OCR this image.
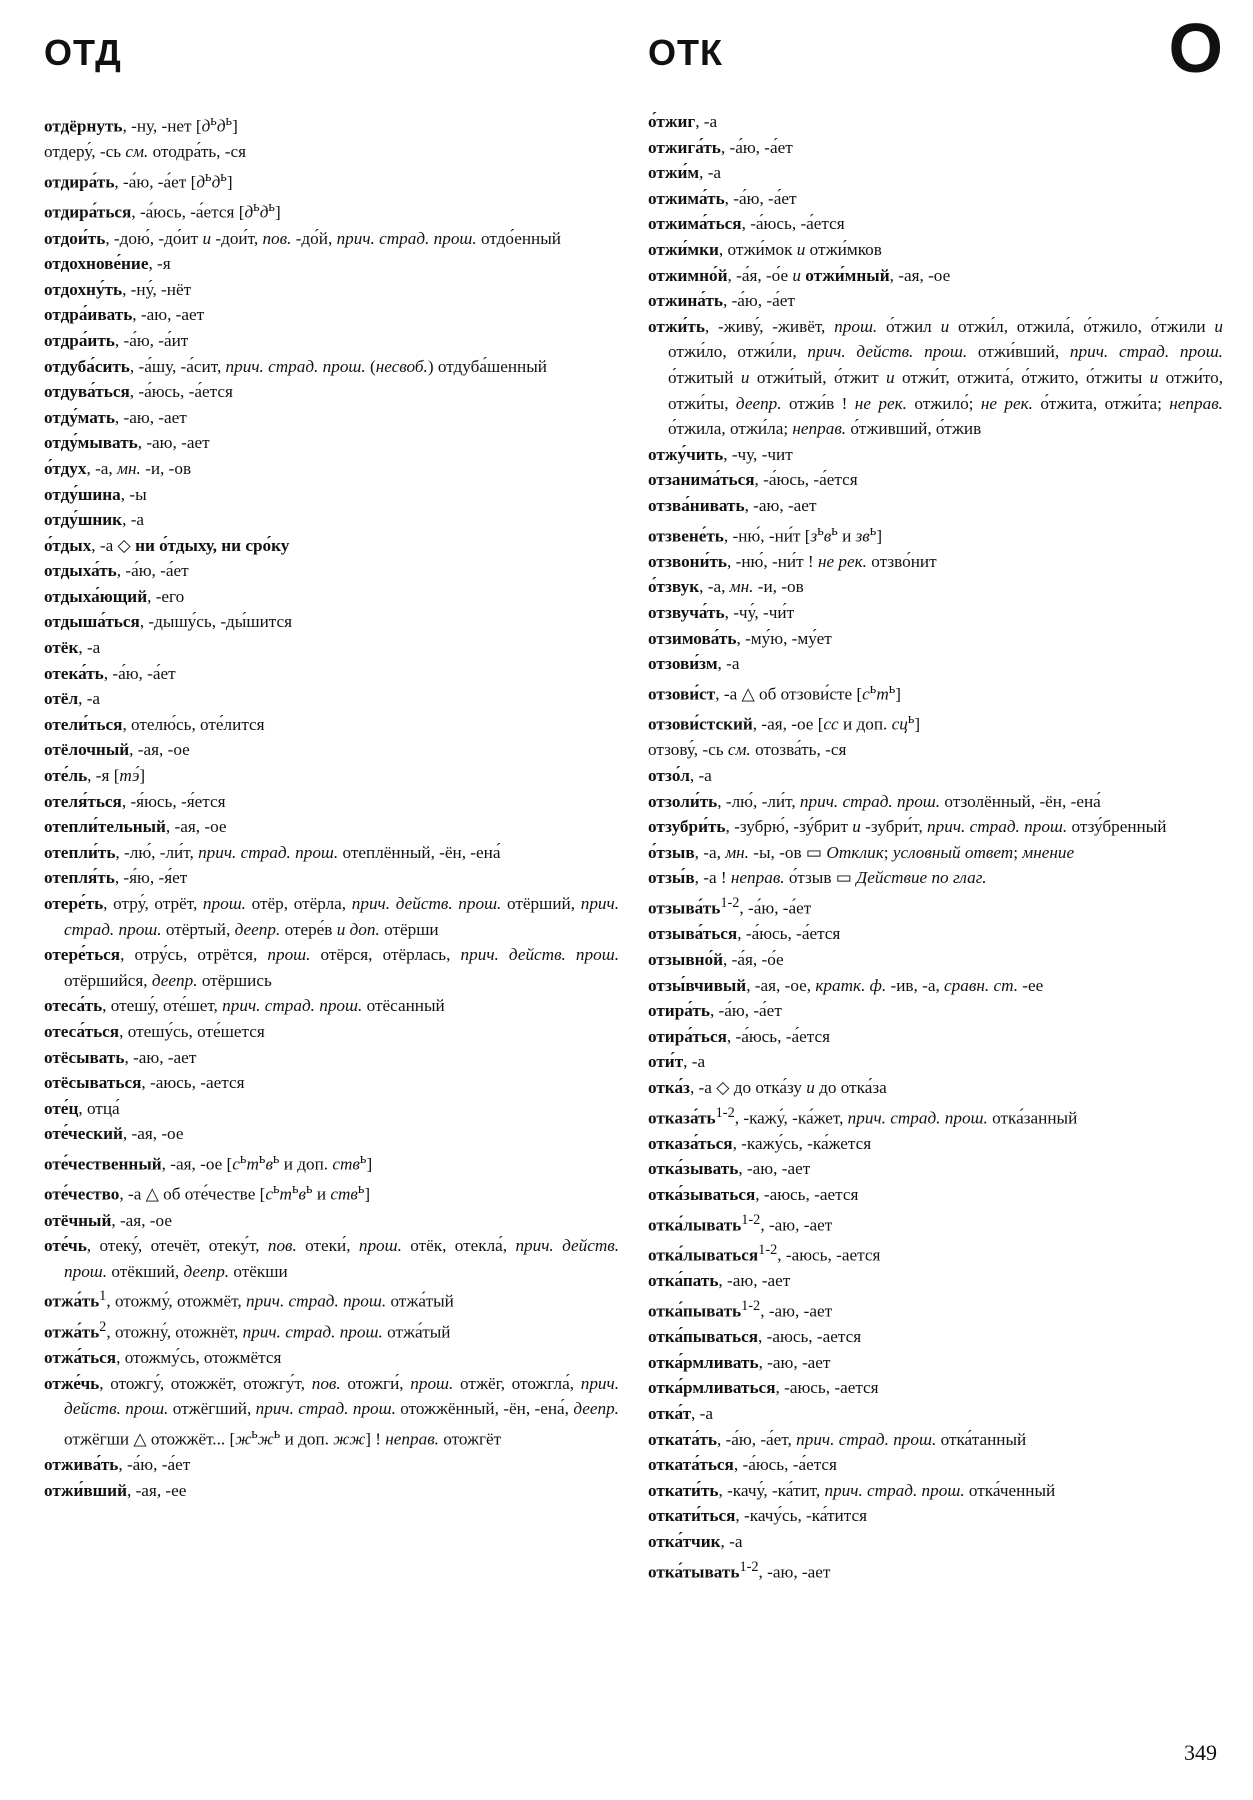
ОТД	ОТК	О
отдёрнуть, -ну, -нет $[д^ьд^ь]$
отдеру́, -сь см. отодра́ть, -ся
отдира́ть, -а́ю, -а́ет $[д^ьд^ь]$
отдира́ться, -а́юсь, -а́ется $[д^ьд^ь]$
отдои́ть, -дою́, -до́ит и -дои́т, пов. -до́й, прич. страд. прош. отдо́енный
отдохнове́ние, -я
отдохну́ть, -ну́, -нёт
отдра́ивать, -аю, -ает
отдра́ить, -а́ю, -а́ит
отдуба́сить, -а́шу, -а́сит, прич. страд. прош. (несвоб.) отдуба́шенный
отдува́ться, -а́юсь, -а́ется
отду́мать, -аю, -ает
отду́мывать, -аю, -ает
о́тдух, -а, мн. -и, -ов
отду́шина, -ы
отду́шник, -а
о́тдых, -а ◇ ни о́тдыху, ни сро́ку
отдыха́ть, -а́ю, -а́ет
отдыха́ющий, -его
отдыша́ться, -дышу́сь, -ды́шится
отёк, -а
отека́ть, -а́ю, -а́ет
отёл, -а
отели́ться, отелю́сь, оте́лится
отёлочный, -ая, -ое
оте́ль, -я [тэ́]
отеля́ться, -я́юсь, -я́ется
отепли́тельный, -ая, -ое
отепли́ть, -лю́, -ли́т, прич. страд. прош. отеплённый, -ён, -ена́
отепля́ть, -я́ю, -я́ет
отере́ть, отру́, отрёт, прош. отёр, отёрла, прич. действ. прош. отёрший, прич. страд. прош. отёртый, деепр. отере́в и доп. отёрши
отере́ться, отру́сь, отрётся, прош. отёрся, отёрлась, прич. действ. прош. отёршийся, деепр. отёршись
отеса́ть, отешу́, оте́шет, прич. страд. прош. отёсанный
отеса́ться, отешу́сь, оте́шется
отёсывать, -аю, -ает
отёсываться, -аюсь, -ается
оте́ц, отца́
оте́ческий, -ая, -ое
оте́чественный, -ая, -ое [$с^ьт^ьв^ь$ и доп. ств$^ь$]
оте́чество, -а △ об оте́честве [$с^ьт^ьв^ь$ и ств$^ь$]
отёчный, -ая, -ое
оте́чь, отеку́, отечёт, отеку́т, пов. отеки́, прош. отёк, отекла́, прич. действ. прош. отёкший, деепр. отёкши
$отжа́ть^1$, отожму́, отожмёт, прич. страд. прош. отжа́тый
$отжа́ть^2$, отожну́, отожнёт, прич. страд. прош. отжа́тый
отжа́ться, отожму́сь, отожмётся
отже́чь, отожгу́, отожжёт, отожгу́т, пов. отожги́, прош. отжёг, отожгла́, прич. действ. прош. отжёгший, прич. страд. прош. отожжённый, -ён, -ена́, деепр. отжёгши △ отожжёт... [$ж^ьж^ь$ и доп. жж] ! неправ. отожгёт
отжива́ть, -а́ю, -а́ет
отжи́вший, -ая, -ее
о́тжиг, -а
отжига́ть, -а́ю, -а́ет
отжи́м, -а
отжима́ть, -а́ю, -а́ет
отжима́ться, -а́юсь, -а́ется
отжи́мки, отжи́мок и отжи́мков
отжимно́й, -а́я, -о́е и отжи́мный, -ая, -ое
отжина́ть, -а́ю, -а́ет
отжи́ть, -живу́, -живёт, прош. о́тжил и отжи́л, отжила́, о́тжило, о́тжили и отжи́ло, отжи́ли, прич. действ. прош. отжи́вший, прич. страд. прош. о́тжитый и отжи́тый, о́тжит и отжи́т, отжита́, о́тжито, о́тжиты и отжи́то, отжи́ты, деепр. отжи́в ! не рек. отжило́; не рек. о́тжита, отжи́та; неправ. о́тжила, отжи́ла; неправ. о́тживший, о́тжив
отжу́чить, -чу, -чит
отзанима́ться, -а́юсь, -а́ется
отзва́нивать, -аю, -ает
отзвене́ть, -ню́, -ни́т [$з^ьв^ь$ и $зв^ь$]
отзвони́ть, -ню́, -ни́т ! не рек. отзво́нит
о́тзвук, -а, мн. -и, -ов
отзвуча́ть, -чу́, -чи́т
отзимова́ть, -му́ю, -му́ет
отзови́зм, -а
отзови́ст, -а △ об отзови́сте $[с^ьт^ь]$
отзови́стский, -ая, -ое [сс и доп. $сц^ь$]
отзову́, -сь см. отозва́ть, -ся
отзо́л, -а
отзоли́ть, -лю́, -ли́т, прич. страд. прош. отзолённый, -ён, -ена́
отзубри́ть, -зубрю́, -зу́брит и -зубри́т, прич. страд. прош. отзу́бренный
о́тзыв, -а, мн. -ы, -ов ▭ Отклик; условный ответ; мнение
отзы́в, -а ! неправ. о́тзыв ▭ Действие по глаг.
$отзыва́ть^{1-2}$, -а́ю, -а́ет
отзыва́ться, -а́юсь, -а́ется
отзывно́й, -а́я, -о́е
отзы́вчивый, -ая, -ое, кратк. ф. -ив, -а, сравн. ст. -ее
отира́ть, -а́ю, -а́ет
отира́ться, -а́юсь, -а́ется
оти́т, -а
отка́з, -а ◇ до отка́зу и до отка́за
$отказа́ть^{1-2}$, -кажу́, -ка́жет, прич. страд. прош. отка́занный
отказа́ться, -кажу́сь, -ка́жется
отка́зывать, -аю, -ает
отка́зываться, -аюсь, -ается
отка́лывать$^{1-2}$, -аю, -ает
отка́лываться$^{1-2}$, -аюсь, -ается
отка́пать, -аю, -ает
отка́пывать$^{1-2}$, -аю, -ает
отка́пываться, -аюсь, -ается
отка́рмливать, -аю, -ает
отка́рмливаться, -аюсь, -ается
отка́т, -а
отката́ть, -а́ю, -а́ет, прич. страд. прош. отка́танный
отката́ться, -а́юсь, -а́ется
откати́ть, -качу́, -ка́тит, прич. страд. прош. отка́ченный
откати́ться, -качу́сь, -ка́тится
отка́тчик, -а
отка́тывать$^{1-2}$, -аю, -ает
349
